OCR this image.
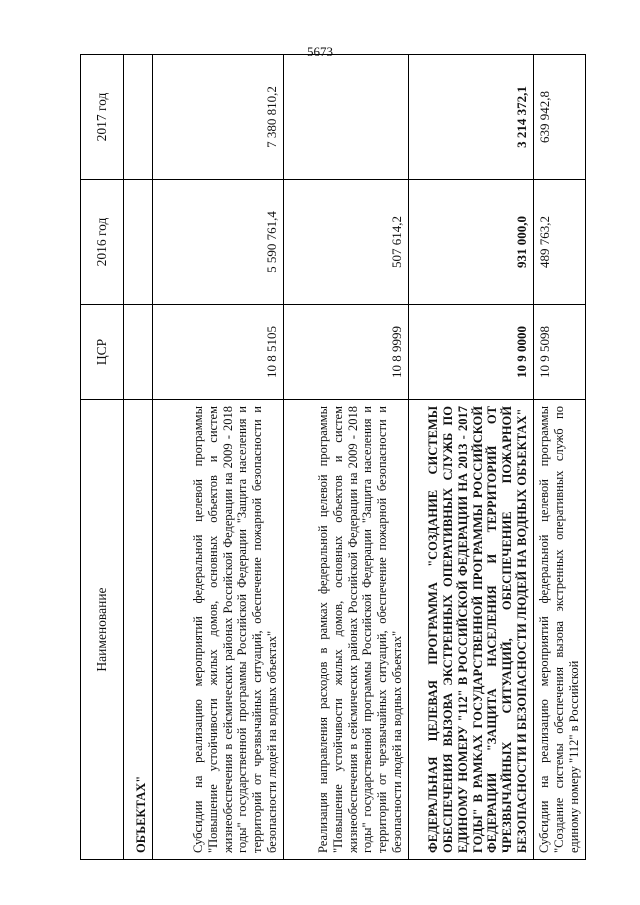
5673
Наименование	ЦСР	2016 год	2017 год
ОБЪЕКТАХ"			
Субсидии на реализацию мероприятий федеральной целевой программы "Повышение устойчивости жилых домов, основных объектов и систем жизнеобеспечения в сейсмических районах Российской Федерации на 2009 - 2018 годы" государственной программы Российской Федерации "Защита населения и территорий от чрезвычайных ситуаций, обеспечение пожарной безопасности и безопасности людей на водных объектах"	10 8 5105	5 590 761,4	7 380 810,2
Реализация направления расходов в рамках федеральной целевой программы "Повышение устойчивости жилых домов, основных объектов и систем жизнеобеспечения в сейсмических районах Российской Федерации на 2009 - 2018 годы" государственной программы Российской Федерации "Защита населения и территорий от чрезвычайных ситуаций, обеспечение пожарной безопасности и безопасности людей на водных объектах"	10 8 9999	507 614,2	
ФЕДЕРАЛЬНАЯ ЦЕЛЕВАЯ ПРОГРАММА "СОЗДАНИЕ СИСТЕМЫ ОБЕСПЕЧЕНИЯ ВЫЗОВА ЭКСТРЕННЫХ ОПЕРАТИВНЫХ СЛУЖБ ПО ЕДИНОМУ НОМЕРУ "112" В РОССИЙСКОЙ ФЕДЕРАЦИИ НА 2013 - 2017 ГОДЫ" В РАМКАХ ГОСУДАРСТВЕННОЙ ПРОГРАММЫ РОССИЙСКОЙ ФЕДЕРАЦИИ "ЗАЩИТА НАСЕЛЕНИЯ И ТЕРРИТОРИЙ ОТ ЧРЕЗВЫЧАЙНЫХ СИТУАЦИЙ, ОБЕСПЕЧЕНИЕ ПОЖАРНОЙ БЕЗОПАСНОСТИ И БЕЗОПАСНОСТИ ЛЮДЕЙ НА ВОДНЫХ ОБЪЕКТАХ"	10 9 0000	931 000,0	3 214 372,1
Субсидии на реализацию мероприятий федеральной целевой программы "Создание системы обеспечения вызова экстренных оперативных служб по единому номеру "112" в Российской	10 9 5098	489 763,2	639 942,8
